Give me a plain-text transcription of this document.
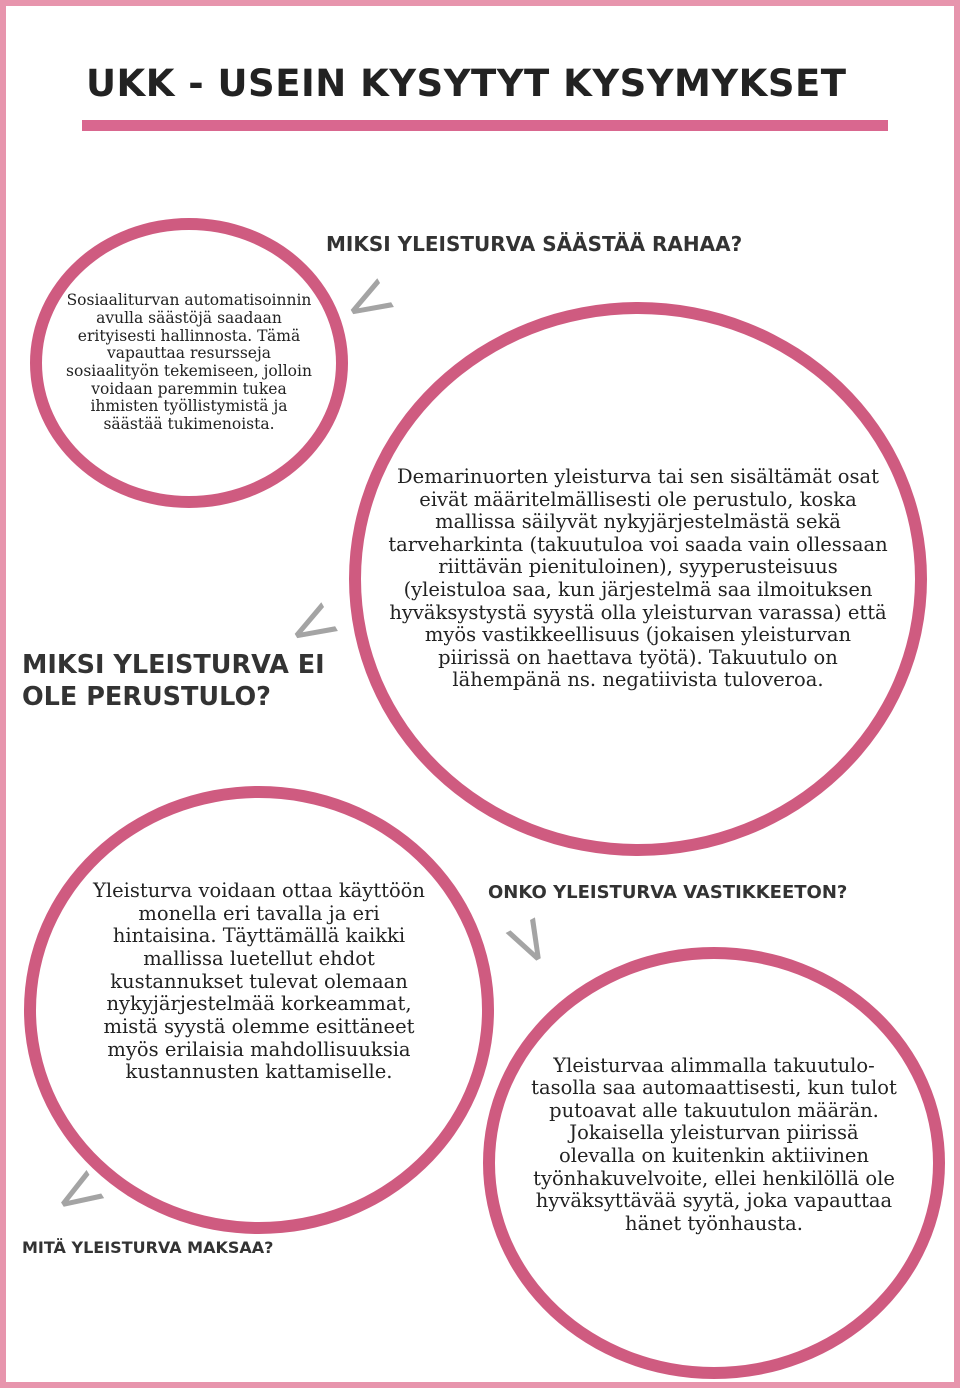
UKK - USEIN KYSYTYT KYSYMYKSET
MIKSI YLEISTURVA SÄÄSTÄÄ RAHAA?
<

Sosiaaliturvan automatisoinnin avulla säästöjä saadaan erityisesti hallinnosta. Tämä vapauttaa resursseja sosiaalityön tekemiseen, jolloin voidaan paremmin tukea ihmisten työllistymistä ja säästää tukimenoista.

MIKSI YLEISTURVA EI OLE PERUSTULO?
<

Demarinuorten yleisturva tai sen sisältämät osat eivät määritelmällisesti ole perustulo, koska mallissa säilyvät nykyjärjestelmästä sekä tarveharkinta (takuutuloa voi saada vain ollessaan riittävän pienituloinen), syyperusteisuus (yleistuloa saa, kun järjestelmä saa ilmoituksen hyväksystystä syystä olla yleisturvan varassa) että myös vastikkeellisuus (jokaisen yleisturvan piirissä on haettava työtä). Takuutulo on lähempänä ns. negatiivista tuloveroa.

Yleisturva voidaan ottaa käyttöön monella eri tavalla ja eri hintaisina. Täyttämällä kaikki mallissa luetellut ehdot kustannukset tulevat olemaan nykyjärjestelmää korkeammat, mistä syystä olemme esittäneet myös erilaisia mahdollisuuksia kustannusten kattamiselle.

<
MITÄ YLEISTURVA MAKSAA?
ONKO YLEISTURVA VASTIKKEETON?
<

Yleisturvaa alimmalla takuutulo-tasolla saa automaattisesti, kun tulot putoavat alle takuutulon määrän. Jokaisella yleisturvan piirissä olevalla on kuitenkin aktiivinen työnhakuvelvoite, ellei henkilöllä ole hyväksyttävää syytä, joka vapauttaa hänet työnhausta.
